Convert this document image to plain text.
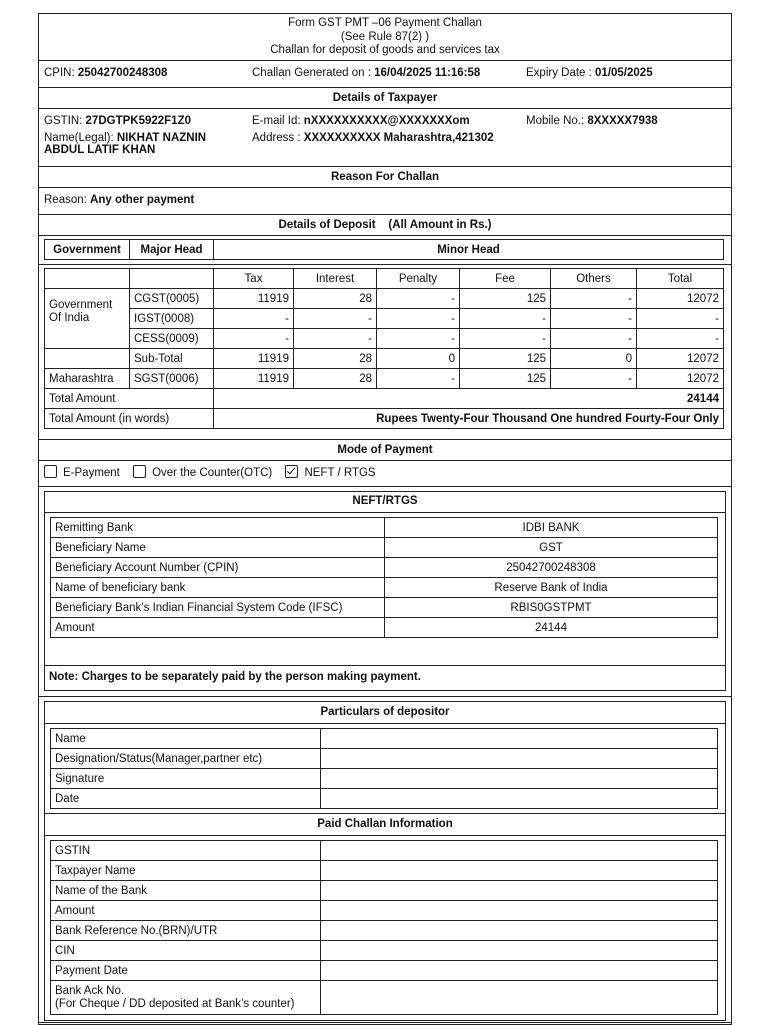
Form GST PMT –06 Payment Challan
(See Rule 87(2) )
Challan for deposit of goods and services tax
CPIN: 25042700248308	Challan Generated on : 16/04/2025 11:16:58	Expiry Date : 01/05/2025
Details of Taxpayer
GSTIN: 27DGTPK5922F1Z0	E-mail Id: nXXXXXXXXXX@XXXXXXXom	Mobile No.: 8XXXXX7938
Name(Legal): NIKHAT NAZNIN
ABDUL LATIF KHAN
Address : XXXXXXXXXX Maharashtra,421302
Reason For Challan
Reason: Any other payment
Details of Deposit (All Amount in Rs.)
Government	Major Head	Minor Head
		Tax	Interest	Penalty	Fee	Others	Total
Government Of India	CGST(0005)	11919	28	-	125	-	12072
	IGST(0008)	-	-	-	-	-	-
	CESS(0009)	-	-	-	-	-	-
	Sub-Total	11919	28	0	125	0	12072
Maharashtra	SGST(0006)	11919	28	-	125	-	12072
Total Amount		24144					
Total Amount (in words)		Rupees Twenty-Four Thousand One hundred Fourty-Four Only					
Mode of Payment
E-Payment	Over the Counter(OTC)	NEFT / RTGS
NEFT/RTGS
Remitting Bank	IDBI BANK
Beneficiary Name	GST
Beneficiary Account Number (CPIN)	25042700248308
Name of beneficiary bank	Reserve Bank of India
Beneficiary Bank’s Indian Financial System Code (IFSC)	RBIS0GSTPMT
Amount	24144
Note: Charges to be separately paid by the person making payment.
Particulars of depositor
Name	
Designation/Status(Manager,partner etc)	
Signature	
Date	
Paid Challan Information
GSTIN	
Taxpayer Name	
Name of the Bank	
Amount	
Bank Reference No.(BRN)/UTR	
CIN	
Payment Date	
Bank Ack No.
(For Cheque / DD deposited at Bank’s counter)	
